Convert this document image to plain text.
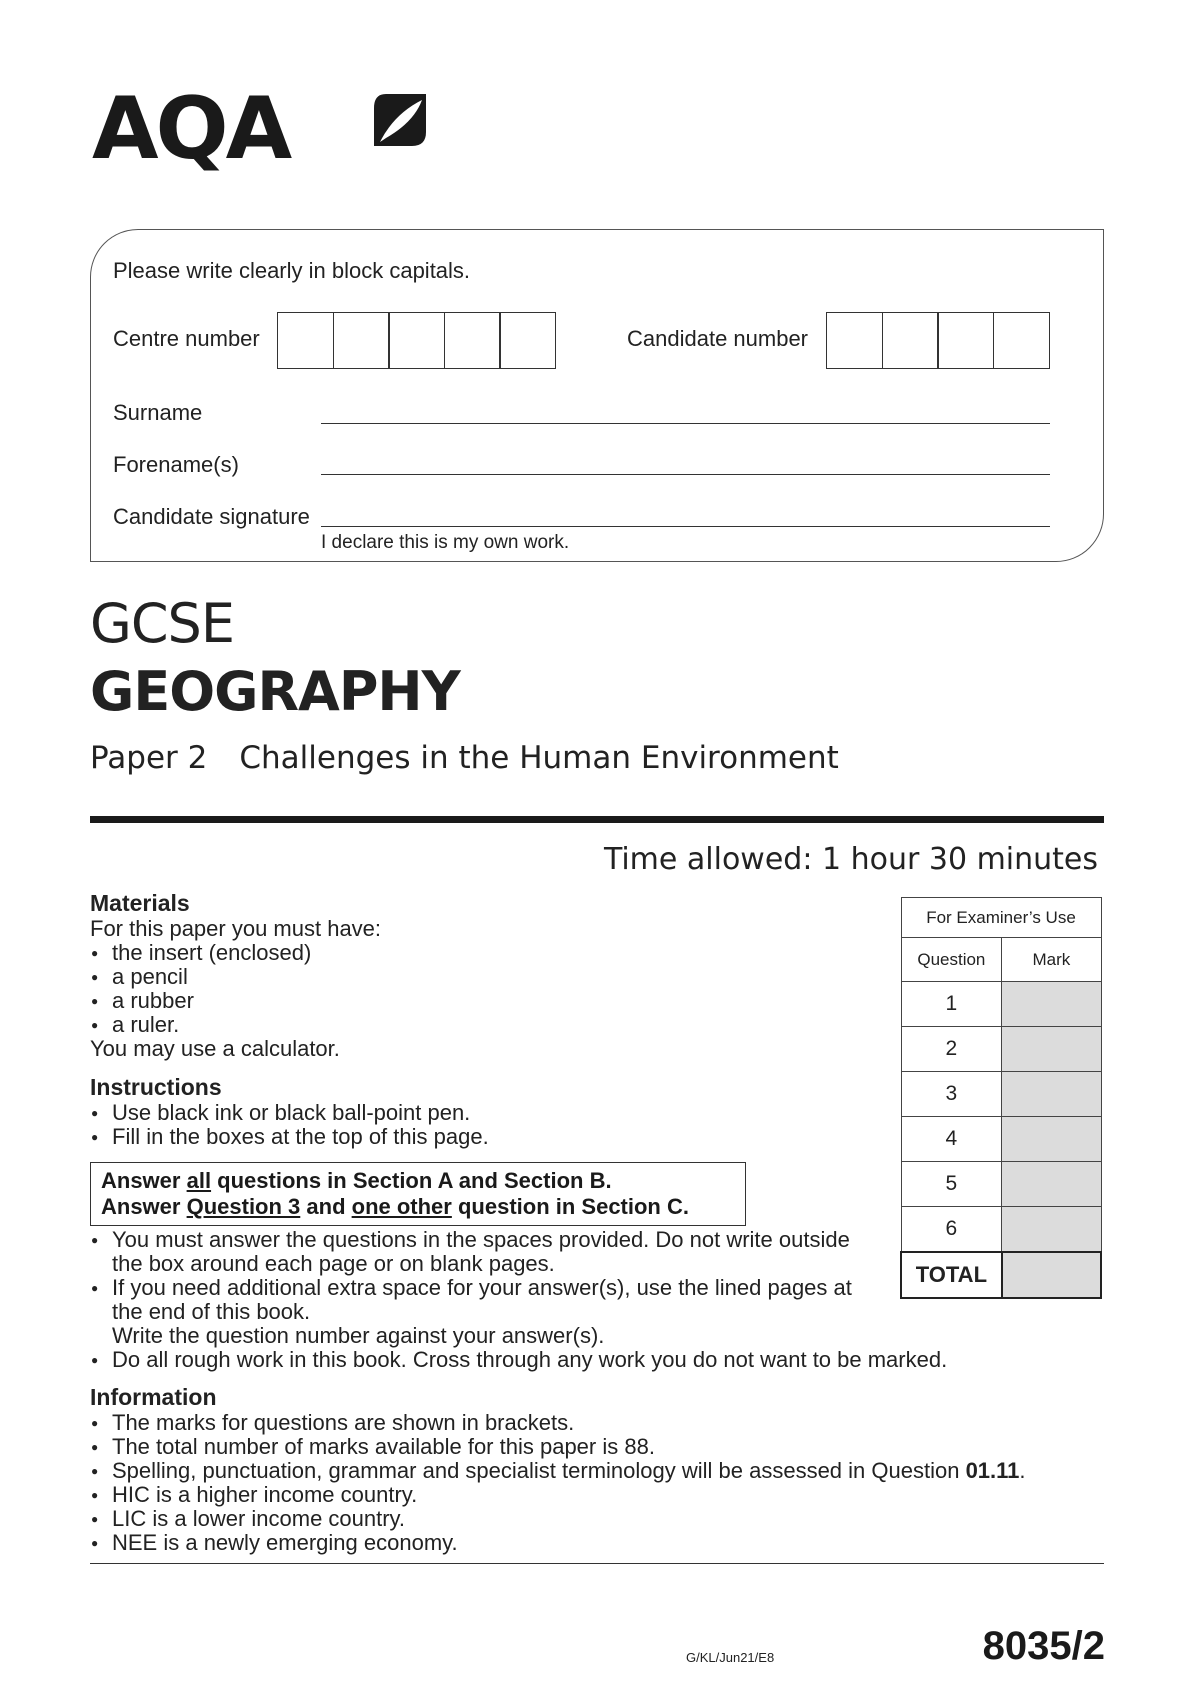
AQA
Please write clearly in block capitals.
Centre number	Candidate number
Surname
Forename(s)
Candidate signature
I declare this is my own work.
GCSE
GEOGRAPHY
Paper 2 Challenges in the Human Environment
Time allowed: 1 hour 30 minutes
Materials
For this paper you must have:
● the insert (enclosed)
● a pencil
● a rubber
● a ruler.
You may use a calculator.
Instructions
● Use black ink or black ball-point pen.
● Fill in the boxes at the top of this page.
Answer all questions in Section A and Section B.
Answer Question 3 and one other question in Section C.
● You must answer the questions in the spaces provided. Do not write outside the box around each page or on blank pages.
● If you need additional extra space for your answer(s), use the lined pages at the end of this book.
Write the question number against your answer(s).
● Do all rough work in this book. Cross through any work you do not want to be marked.
Information
● The marks for questions are shown in brackets.
● The total number of marks available for this paper is 88.
● Spelling, punctuation, grammar and specialist terminology will be assessed in Question 01.11.
● HIC is a higher income country.
● LIC is a lower income country.
● NEE is a newly emerging economy.
For Examiner’s Use	
Question	Mark
1	
2	
3	
4	
5	
6	
TOTAL	
G/KL/Jun21/E8	8035/2
